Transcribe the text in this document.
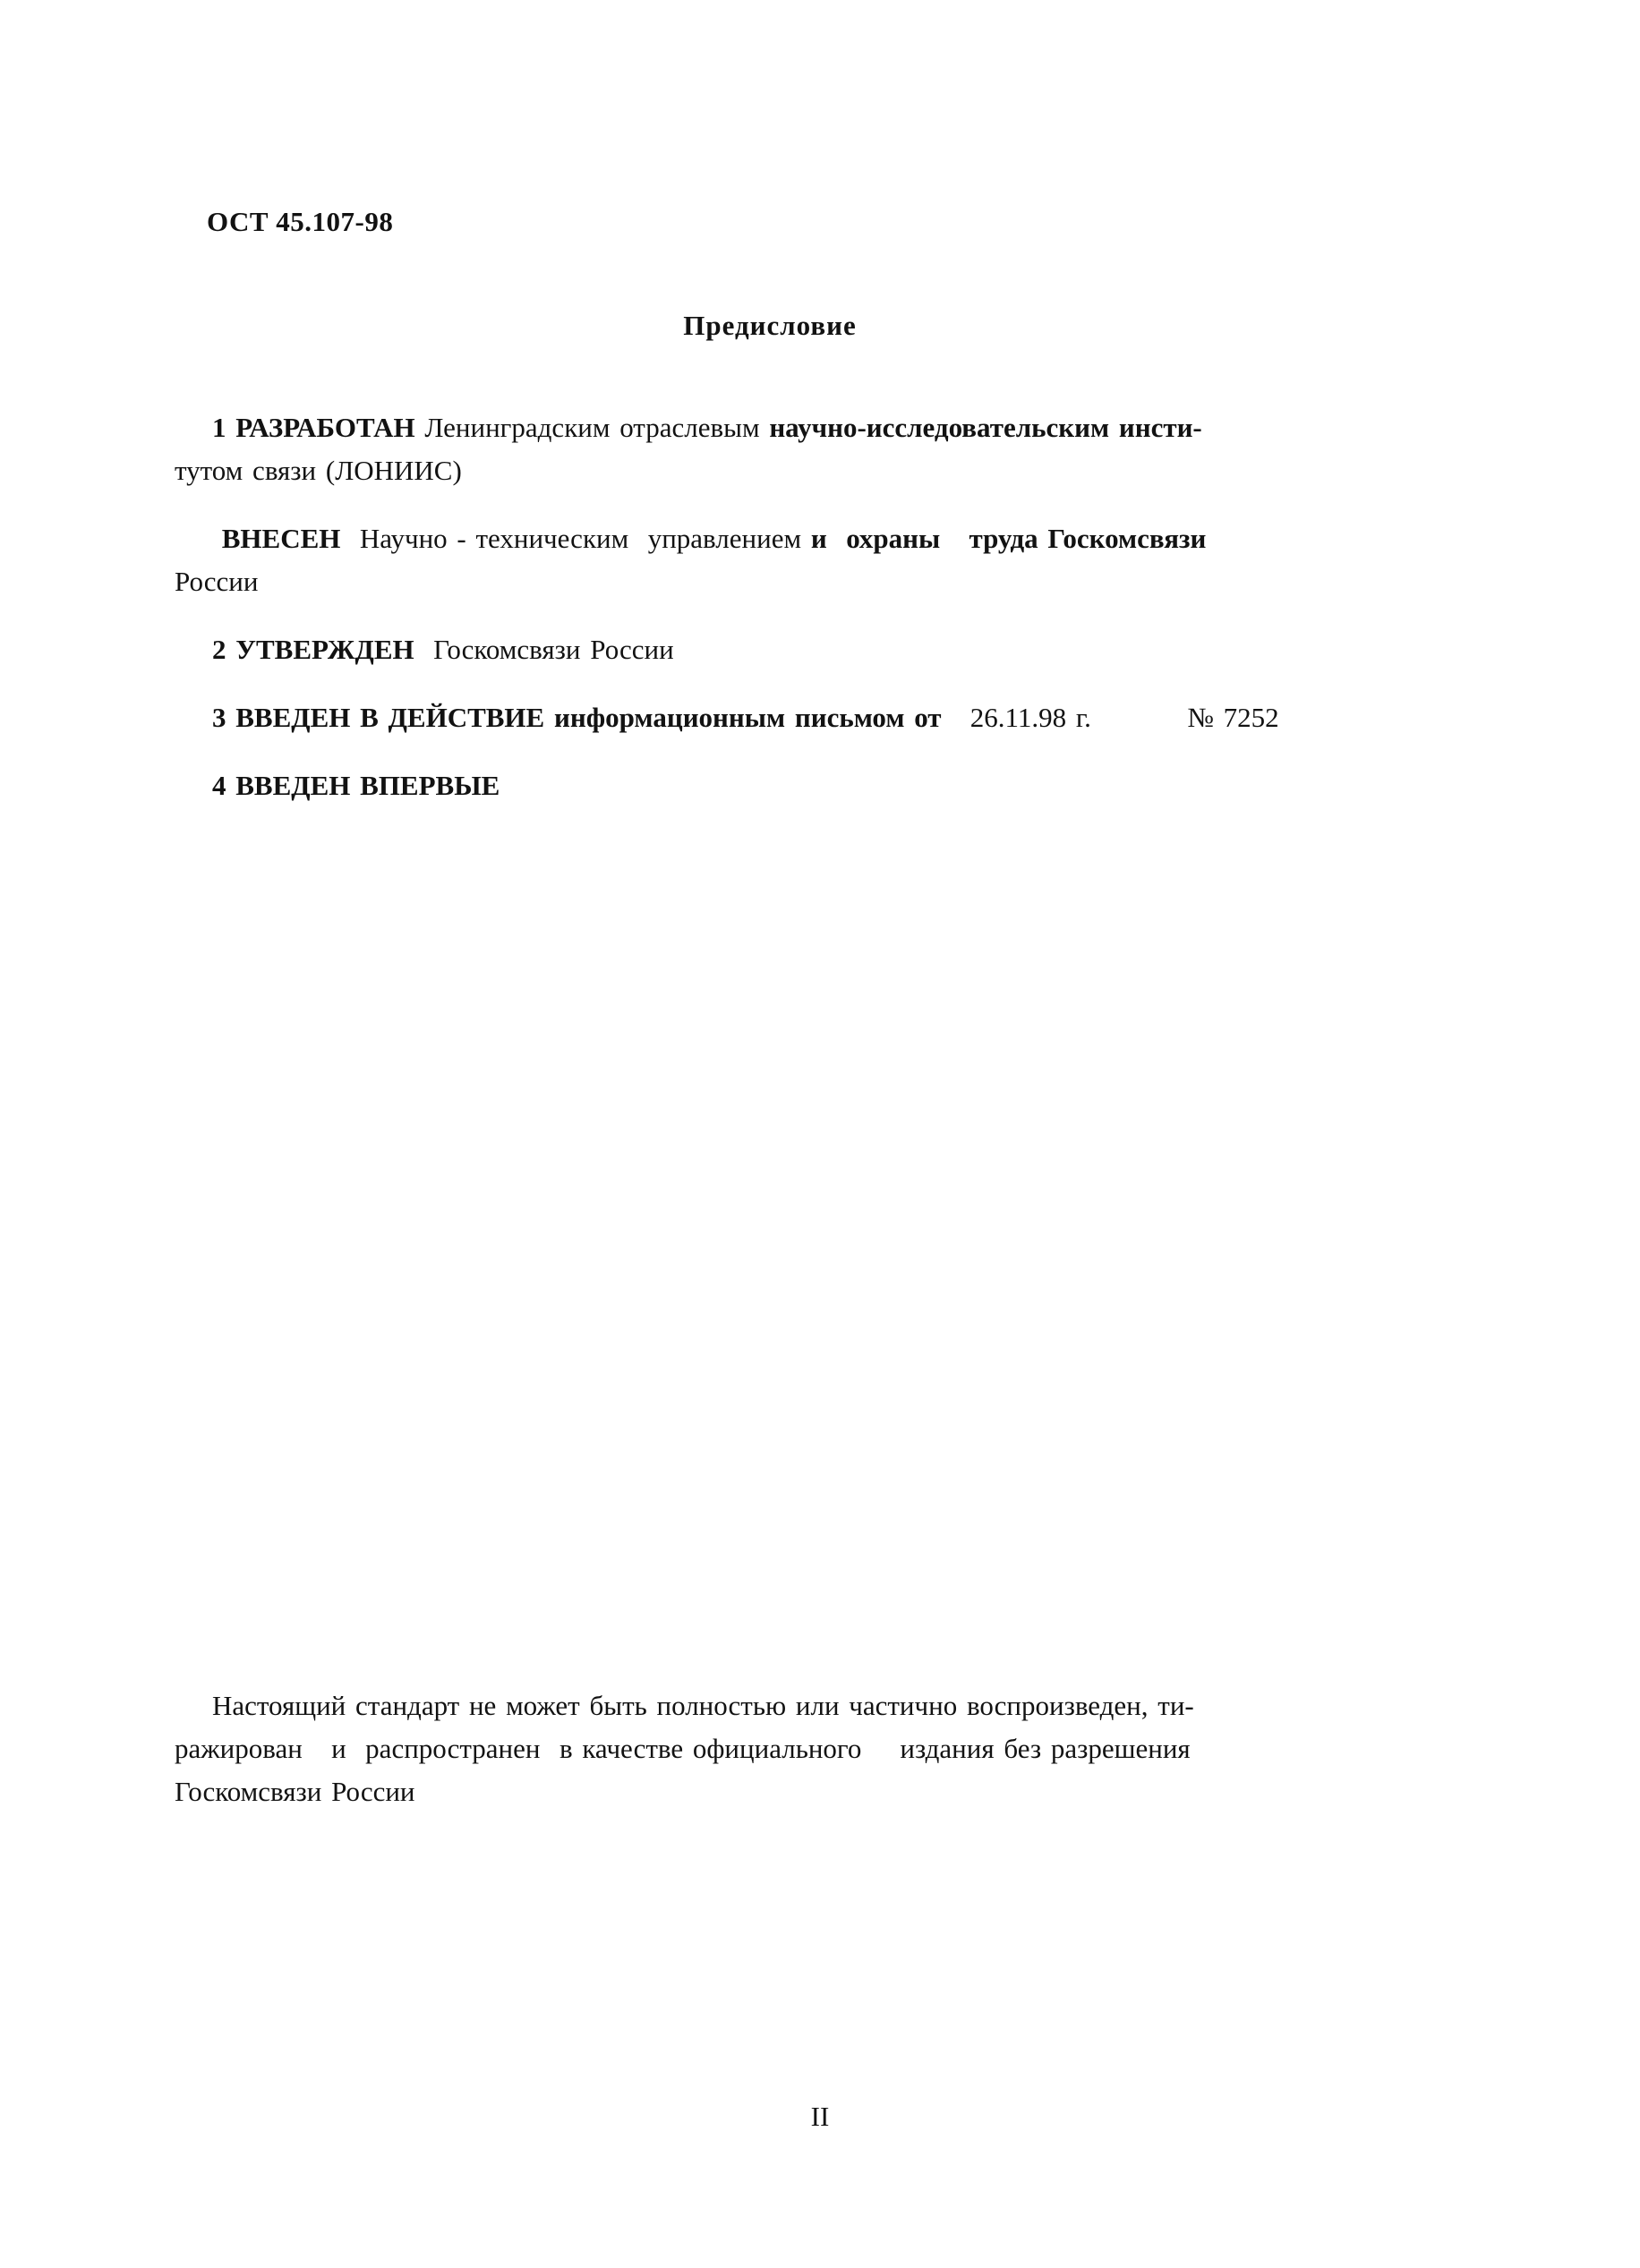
ОСТ 45.107-98
Предисловие
1 РАЗРАБОТАН Ленинградским отраслевым научно-исследовательским инсти-
тутом связи (ЛОНИИС)
ВНЕСЕН  Научно - техническим  управлением и  охраны   труда Госкомсвязи
России
2 УТВЕРЖДЕН  Госкомсвязи России
3 ВВЕДЕН В ДЕЙСТВИЕ информационным письмом от   26.11.98 г.          № 7252
4 ВВЕДЕН ВПЕРВЫЕ
Настоящий стандарт не может быть полностью или частично воспроизведен, ти-
ражирован   и  распространен  в качестве официального    издания без разрешения
Госкомсвязи России
II
